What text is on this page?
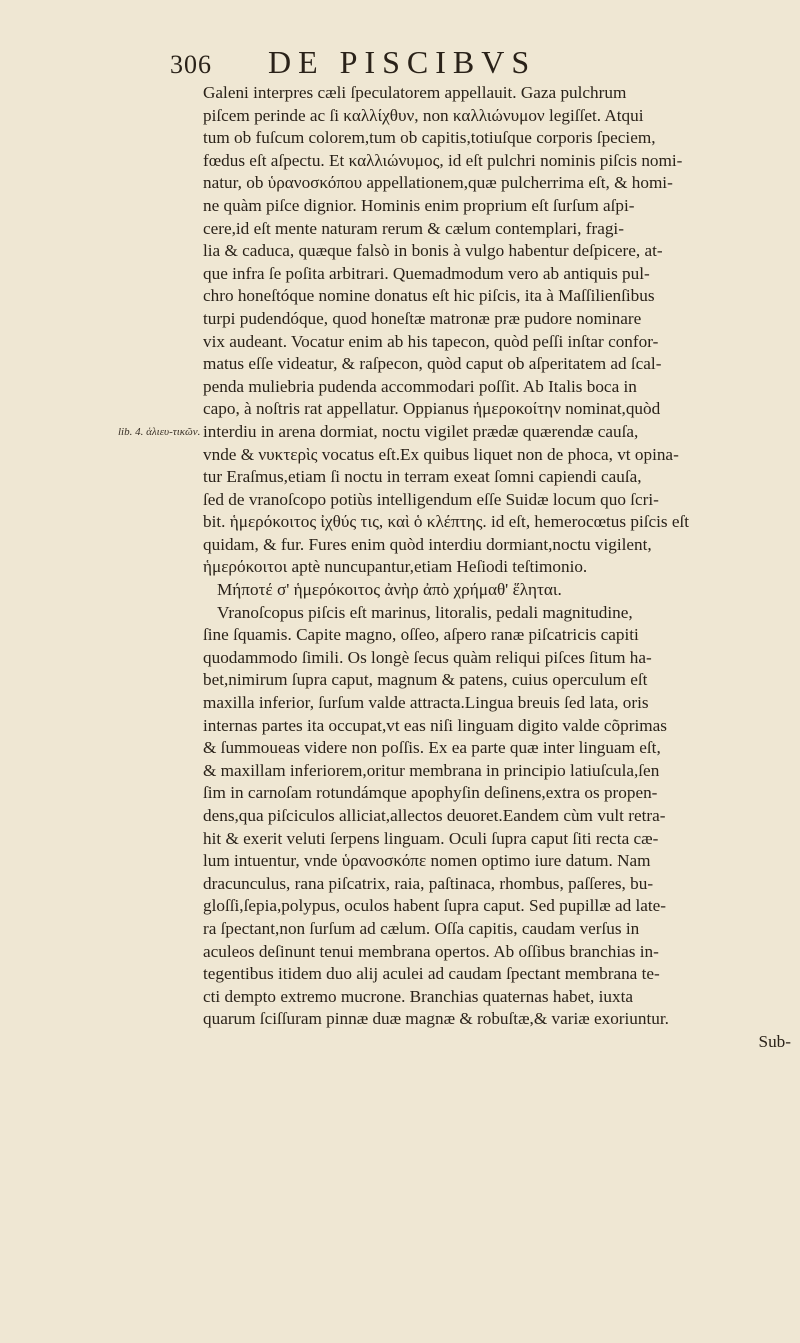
306 DE PISCIBVS
lib. 4. ἁλιευ-τικῶν.
Galeni interpres cæli ſpeculatorem appellauit. Gaza pulchrum
piſcem perinde ac ſi καλλίχθυν, non καλλιώνυμον legiſſet. Atqui
tum ob fuſcum colorem,tum ob capitis,totiuſque corporis ſpeciem,
fœdus eſt aſpectu. Et καλλιώνυμος, id eſt pulchri nominis piſcis nomi-
natur, ob ὑρανοσκόπου appellationem,quæ pulcherrima eſt, & homi-
ne quàm piſce dignior. Hominis enim proprium eſt ſurſum aſpi-
cere,id eſt mente naturam rerum & cælum contemplari, fragi-
lia & caduca, quæque falsò in bonis à vulgo habentur deſpicere, at-
que infra ſe poſita arbitrari. Quemadmodum vero ab antiquis pul-
chro honeſtóque nomine donatus eſt hic piſcis, ita à Maſſilienſibus
turpi pudendóque, quod honeſtæ matronæ præ pudore nominare
vix audeant. Vocatur enim ab his tapecon, quòd peſſi inſtar confor-
matus eſſe videatur, & raſpecon, quòd caput ob aſperitatem ad ſcal-
penda muliebria pudenda accommodari poſſit. Ab Italis boca in
capo, à noſtris rat appellatur. Oppianus ἡμεροκοίτην nominat,quòd
interdiu in arena dormiat, noctu vigilet prædæ quærendæ cauſa,
vnde & νυκτερὶς vocatus eſt.Ex quibus liquet non de phoca, vt opina-
tur Eraſmus,etiam ſi noctu in terram exeat ſomni capiendi cauſa,
ſed de vranoſcopo potiùs intelligendum eſſe Suidæ locum quo ſcri-
bit. ἡμερόκοιτος ἰχθύς τις, καὶ ὁ κλέπτης. id eſt, hemerocœtus piſcis eſt
quidam, & fur. Fures enim quòd interdiu dormiant,noctu vigilent,
ἡμερόκοιτοι aptè nuncupantur,etiam Heſiodi teſtimonio.
Μήποτέ σ' ἡμερόκοιτος ἀνὴρ ἀπὸ χρήμαθ' ἕληται.
Vranoſcopus piſcis eſt marinus, litoralis, pedali magnitudine,
ſine ſquamis. Capite magno, oſſeo, aſpero ranæ piſcatricis capiti
quodammodo ſimili. Os longè ſecus quàm reliqui piſces ſitum ha-
bet,nimirum ſupra caput, magnum & patens, cuius operculum eſt
maxilla inferior, ſurſum valde attracta.Lingua breuis ſed lata, oris
internas partes ita occupat,vt eas niſi linguam digito valde cõprimas
& ſummoueas videre non poſſis. Ex ea parte quæ inter linguam eſt,
& maxillam inferiorem,oritur membrana in principio latiuſcula,ſen
ſim in carnoſam rotundámque apophyſin deſinens,extra os propen-
dens,qua piſciculos alliciat,allectos deuoret.Eandem cùm vult retra-
hit & exerit veluti ſerpens linguam. Oculi ſupra caput ſiti recta cæ-
lum intuentur, vnde ὑρανοσκόπε nomen optimo iure datum. Nam
dracunculus, rana piſcatrix, raia, paſtinaca, rhombus, paſſeres, bu-
gloſſi,ſepia,polypus, oculos habent ſupra caput. Sed pupillæ ad late-
ra ſpectant,non ſurſum ad cælum. Oſſa capitis, caudam verſus in
aculeos deſinunt tenui membrana opertos. Ab oſſibus branchias in-
tegentibus itidem duo alij aculei ad caudam ſpectant membrana te-
cti dempto extremo mucrone. Branchias quaternas habet, iuxta
quarum ſciſſuram pinnæ duæ magnæ & robuſtæ,& variæ exoriuntur.
Sub-
